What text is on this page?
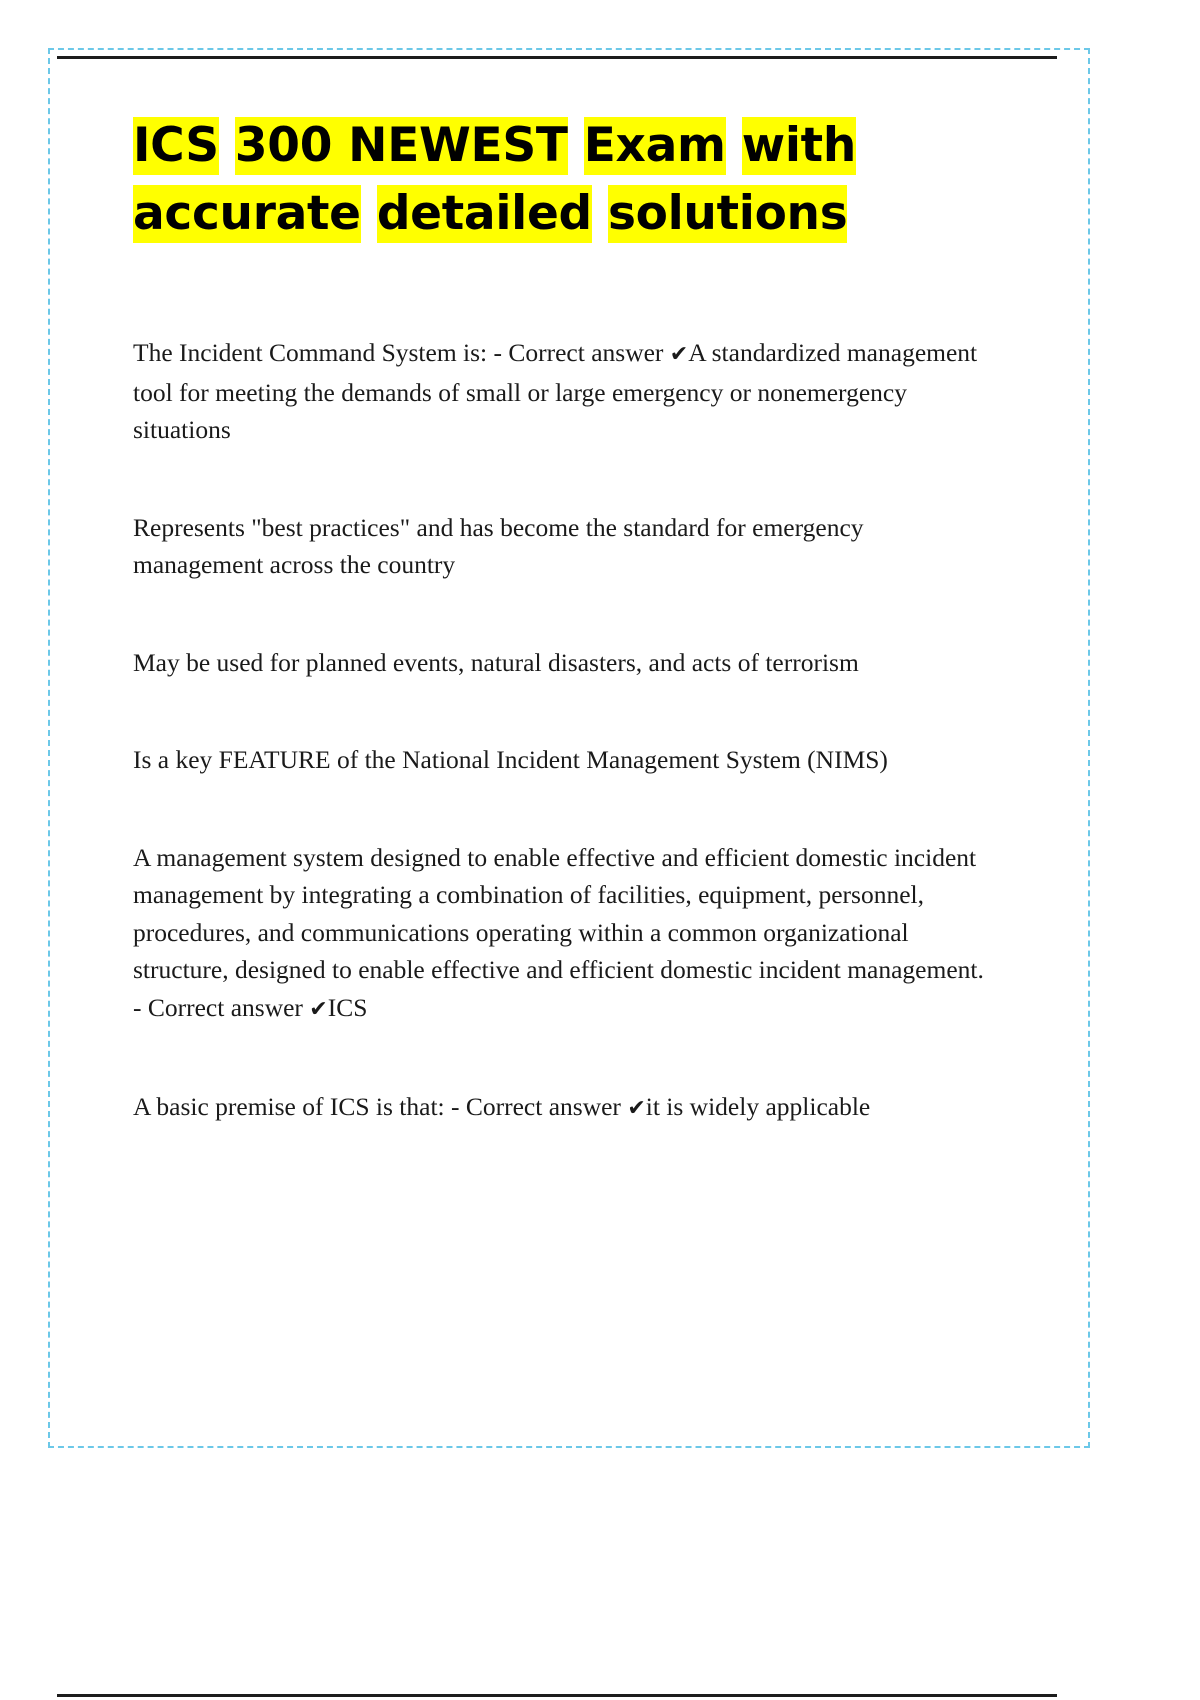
ICS 300 NEWEST Exam with
accurate detailed solutions

The Incident Command System is: - Correct answer ✔A standardized management tool for meeting the demands of small or large emergency or nonemergency situations

Represents "best practices" and has become the standard for emergency management across the country

May be used for planned events, natural disasters, and acts of terrorism

Is a key FEATURE of the National Incident Management System (NIMS)

A management system designed to enable effective and efficient domestic incident management by integrating a combination of facilities, equipment, personnel, procedures, and communications operating within a common organizational structure, designed to enable effective and efficient domestic incident management. - Correct answer ✔ICS

A basic premise of ICS is that: - Correct answer ✔it is widely applicable
